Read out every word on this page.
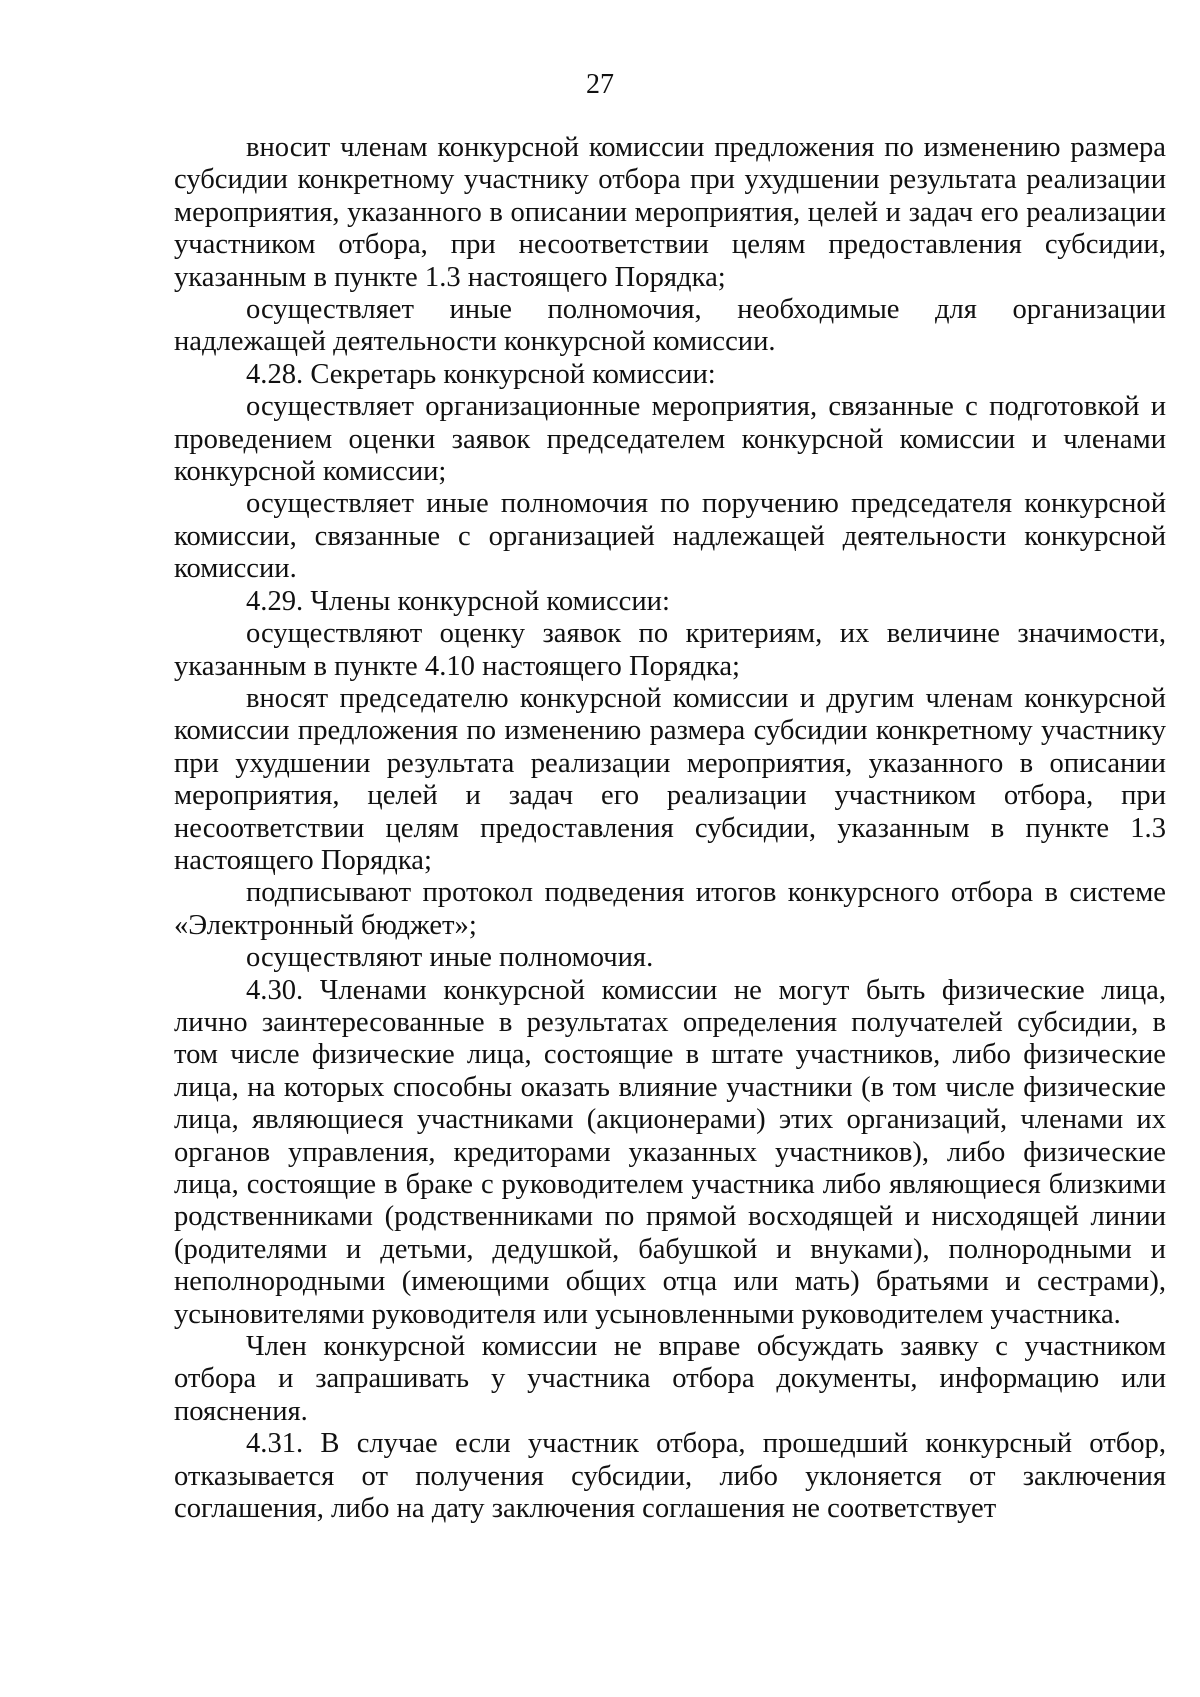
27

вносит членам конкурсной комиссии предложения по изменению размера субсидии конкретному участнику отбора при ухудшении результата реализации мероприятия, указанного в описании мероприятия, целей и задач его реализации участником отбора, при несоответствии целям предоставления субсидии, указанным в пункте 1.3 настоящего Порядка;

осуществляет иные полномочия, необходимые для организации надлежащей деятельности конкурсной комиссии.

4.28. Секретарь конкурсной комиссии:

осуществляет организационные мероприятия, связанные с подготовкой и проведением оценки заявок председателем конкурсной комиссии и членами конкурсной комиссии;

осуществляет иные полномочия по поручению председателя конкурсной комиссии, связанные с организацией надлежащей деятельности конкурсной комиссии.

4.29. Члены конкурсной комиссии:

осуществляют оценку заявок по критериям, их величине значимости, указанным в пункте 4.10 настоящего Порядка;

вносят председателю конкурсной комиссии и другим членам конкурсной комиссии предложения по изменению размера субсидии конкретному участнику при ухудшении результата реализации мероприятия, указанного в описании мероприятия, целей и задач его реализации участником отбора, при несоответствии целям предоставления субсидии, указанным в пункте 1.3 настоящего Порядка;

подписывают протокол подведения итогов конкурсного отбора в системе «Электронный бюджет»;

осуществляют иные полномочия.

4.30. Членами конкурсной комиссии не могут быть физические лица, лично заинтересованные в результатах определения получателей субсидии, в том числе физические лица, состоящие в штате участников, либо физические лица, на которых способны оказать влияние участники (в том числе физические лица, являющиеся участниками (акционерами) этих организаций, членами их органов управления, кредиторами указанных участников), либо физические лица, состоящие в браке с руководителем участника либо являющиеся близкими родственниками (родственниками по прямой восходящей и нисходящей линии (родителями и детьми, дедушкой, бабушкой и внуками), полнородными и неполнородными (имеющими общих отца или мать) братьями и сестрами), усыновителями руководителя или усыновленными руководителем участника.

Член конкурсной комиссии не вправе обсуждать заявку с участником отбора и запрашивать у участника отбора документы, информацию или пояснения.

4.31. В случае если участник отбора, прошедший конкурсный отбор, отказывается от получения субсидии, либо уклоняется от заключения соглашения, либо на дату заключения соглашения не соответствует
